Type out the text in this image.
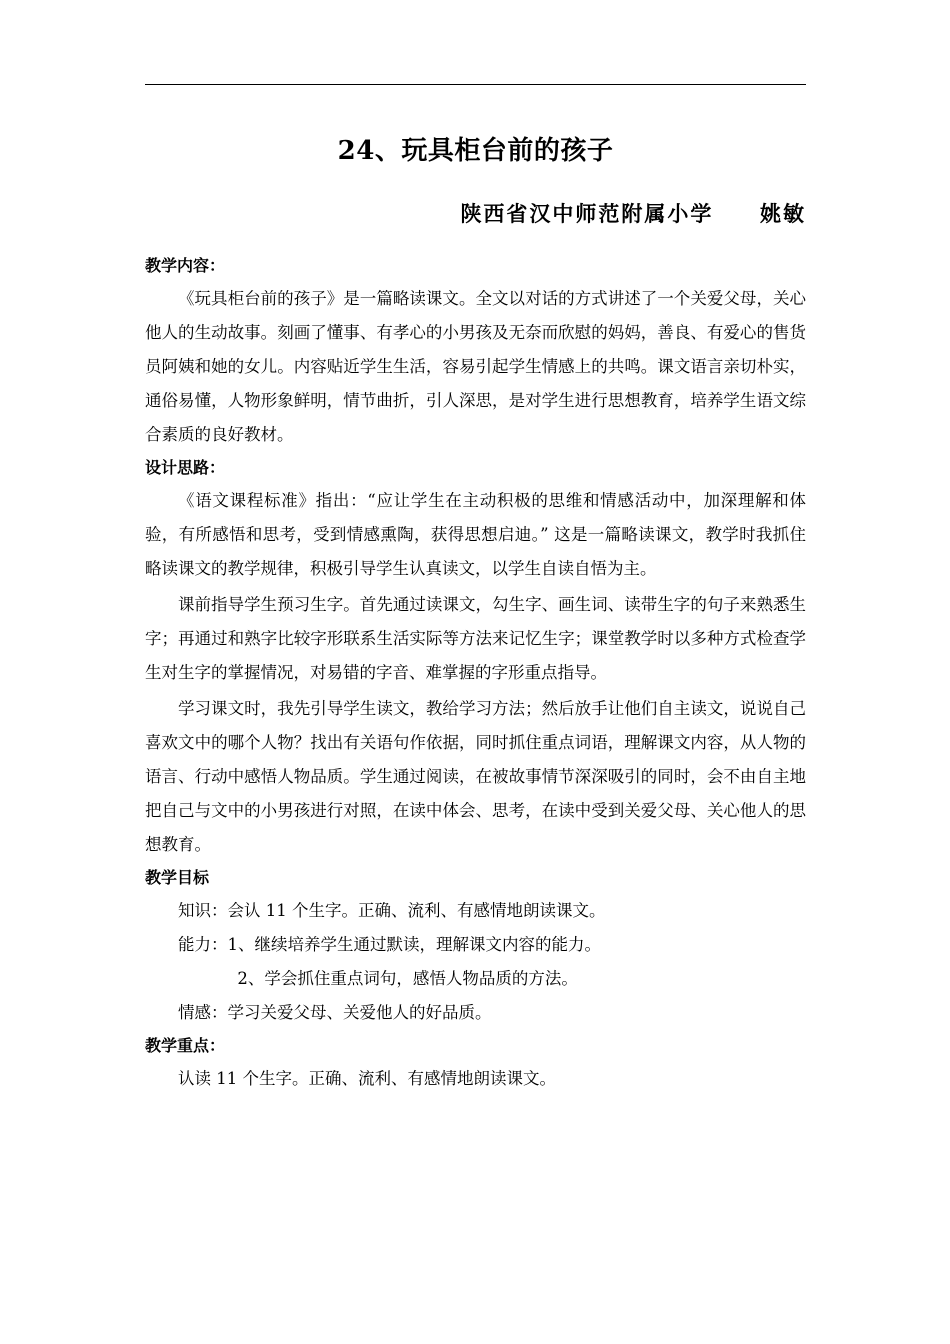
24、玩具柜台前的孩子
陕西省汉中师范附属小学     姚敏
教学内容：

《玩具柜台前的孩子》是一篇略读课文。全文以对话的方式讲述了一个关爱父母，关心他人的生动故事。刻画了懂事、有孝心的小男孩及无奈而欣慰的妈妈，善良、有爱心的售货员阿姨和她的女儿。内容贴近学生生活，容易引起学生情感上的共鸣。课文语言亲切朴实，通俗易懂，人物形象鲜明，情节曲折，引人深思，是对学生进行思想教育，培养学生语文综合素质的良好教材。

设计思路：

《语文课程标准》指出：“应让学生在主动积极的思维和情感活动中，加深理解和体验，有所感悟和思考，受到情感熏陶，获得思想启迪。” 这是一篇略读课文，教学时我抓住略读课文的教学规律，积极引导学生认真读文，以学生自读自悟为主。

课前指导学生预习生字。首先通过读课文，勾生字、画生词、读带生字的句子来熟悉生字；再通过和熟字比较字形联系生活实际等方法来记忆生字；课堂教学时以多种方式检查学生对生字的掌握情况，对易错的字音、难掌握的字形重点指导。

学习课文时，我先引导学生读文，教给学习方法；然后放手让他们自主读文，说说自己喜欢文中的哪个人物？找出有关语句作依据，同时抓住重点词语，理解课文内容，从人物的语言、行动中感悟人物品质。学生通过阅读，在被故事情节深深吸引的同时，会不由自主地把自己与文中的小男孩进行对照，在读中体会、思考，在读中受到关爱父母、关心他人的思想教育。

教学目标

知识：会认 11 个生字。正确、流利、有感情地朗读课文。

能力：1、继续培养学生通过默读，理解课文内容的能力。

2、学会抓住重点词句，感悟人物品质的方法。

情感：学习关爱父母、关爱他人的好品质。

教学重点：

认读 11 个生字。正确、流利、有感情地朗读课文。
